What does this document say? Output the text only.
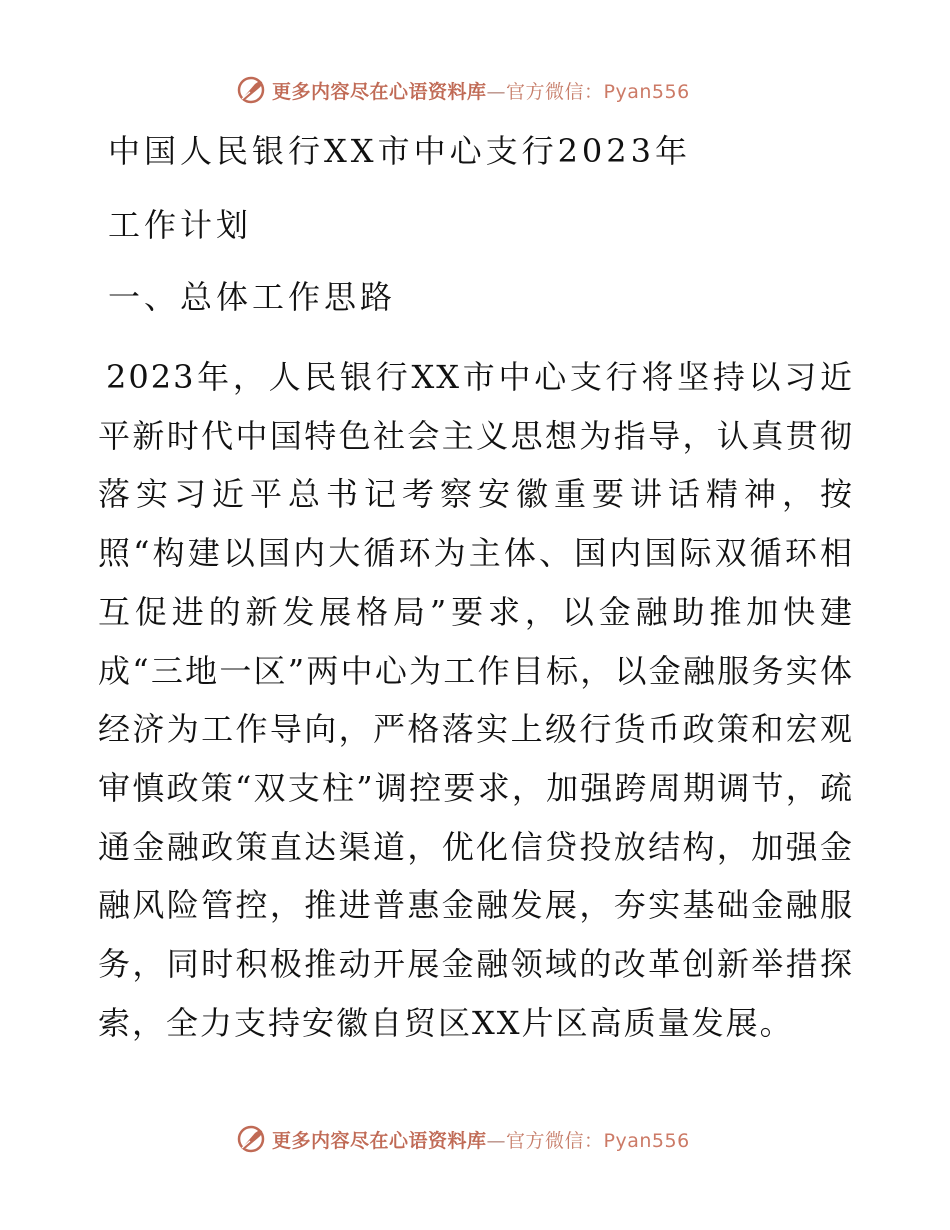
更多内容尽在心语资料库—官方微信：Pyan556
中国人民银行XX市中心支行2023年
工作计划
一、总体工作思路

2023年，人民银行XX市中心支行将坚持以习近平新时代中国特色社会主义思想为指导，认真贯彻落实习近平总书记考察安徽重要讲话精神，按照“构建以国内大循环为主体、国内国际双循环相互促进的新发展格局”要求，以金融助推加快建成“三地一区”两中心为工作目标，以金融服务实体经济为工作导向，严格落实上级行货币政策和宏观审慎政策“双支柱”调控要求，加强跨周期调节，疏通金融政策直达渠道，优化信贷投放结构，加强金融风险管控，推进普惠金融发展，夯实基础金融服务，同时积极推动开展金融领域的改革创新举措探索，全力支持安徽自贸区XX片区高质量发展。

更多内容尽在心语资料库—官方微信：Pyan556
